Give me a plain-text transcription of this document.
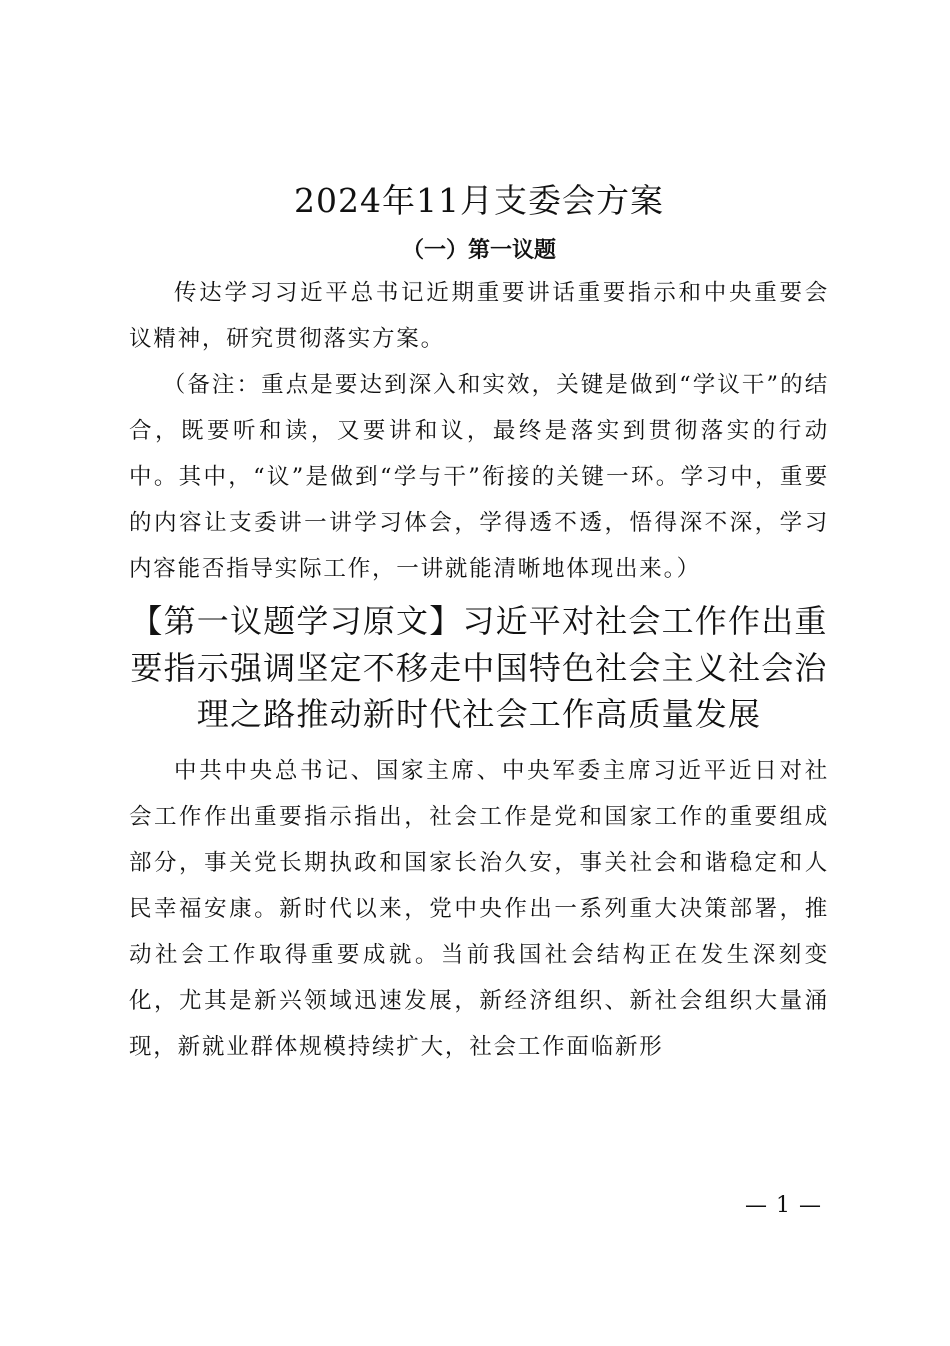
2024年11月支委会方案
（一）第一议题

传达学习习近平总书记近期重要讲话重要指示和中央重要会议精神，研究贯彻落实方案。

（备注：重点是要达到深入和实效，关键是做到“学议干”的结合，既要听和读，又要讲和议，最终是落实到贯彻落实的行动中。其中，“议”是做到“学与干”衔接的关键一环。学习中，重要的内容让支委讲一讲学习体会，学得透不透，悟得深不深，学习内容能否指导实际工作，一讲就能清晰地体现出来。）

【第一议题学习原文】习近平对社会工作作出重要指示强调坚定不移走中国特色社会主义社会治理之路推动新时代社会工作高质量发展

中共中央总书记、国家主席、中央军委主席习近平近日对社会工作作出重要指示指出，社会工作是党和国家工作的重要组成部分，事关党长期执政和国家长治久安，事关社会和谐稳定和人民幸福安康。新时代以来，党中央作出一系列重大决策部署，推动社会工作取得重要成就。当前我国社会结构正在发生深刻变化，尤其是新兴领域迅速发展，新经济组织、新社会组织大量涌现，新就业群体规模持续扩大，社会工作面临新形

— 1 —
